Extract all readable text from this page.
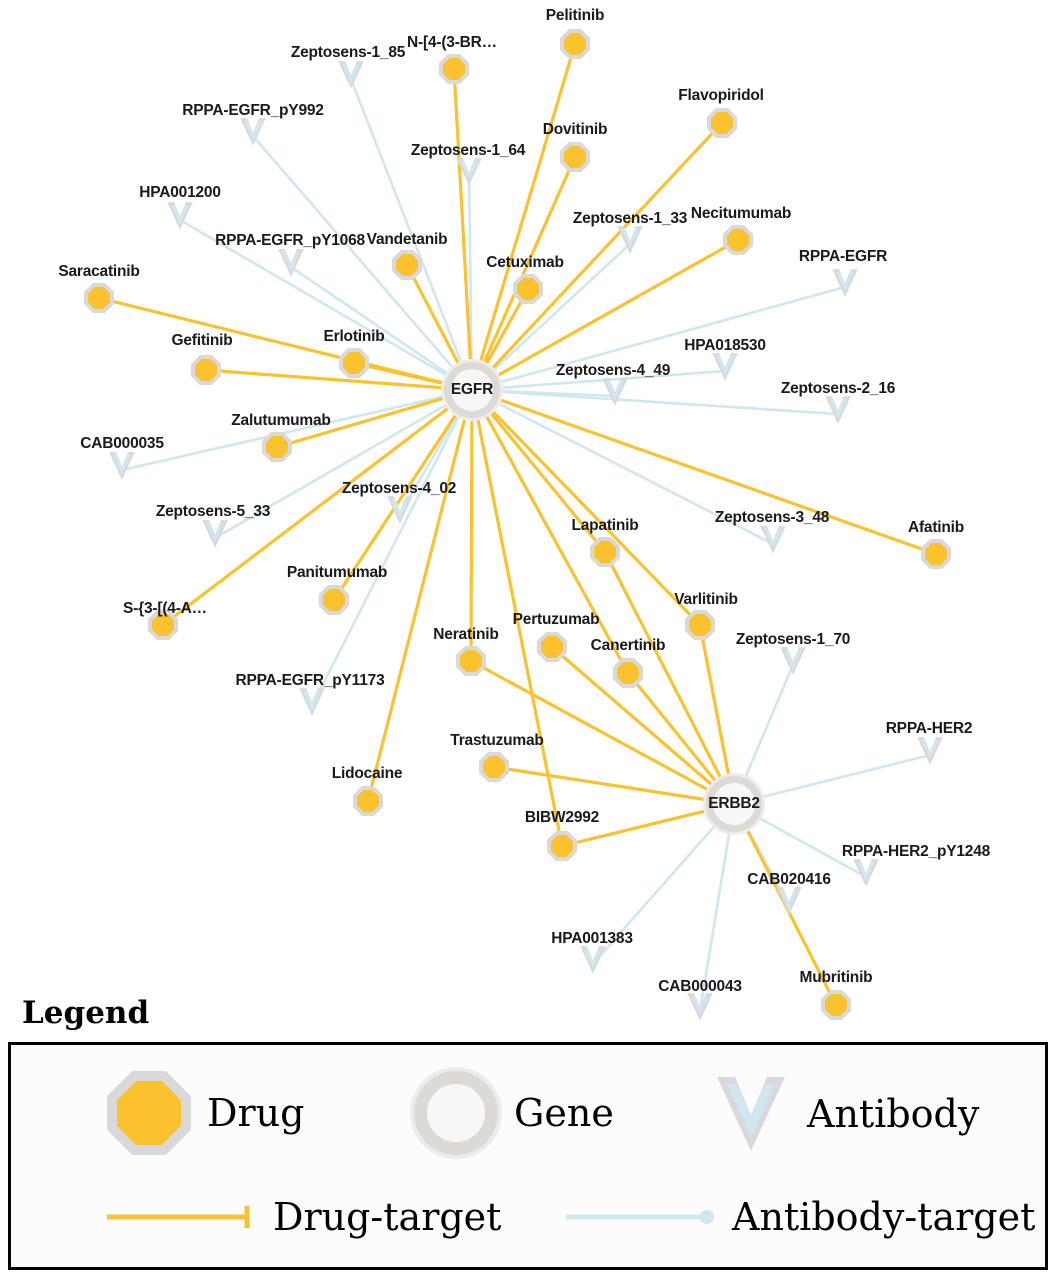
Zeptosens-1_85
RPPA-EGFR_pY992
Zeptosens-1_64
HPA001200
Zeptosens-1_33
RPPA-EGFR_pY1068
RPPA-EGFR
HPA018530
Zeptosens-4_49
Zeptosens-2_16
CAB000035
Zeptosens-4_02
Zeptosens-5_33	Zeptosens-3_48
Zeptosens-1_70
RPPA-EGFR_pY1173
RPPA-HER2
RPPA-HER2_pY1248
CAB020416
HPA001383
CAB000043
Pelitinib
N-[4-(3-BR…
Flavopiridol
Dovitinib
Necitumumab
Vandetanib
Cetuximab
Saracatinib
Gefitinib	Erlotinib
Zalutumumab
Afatinib
Lapatinib
Varlitinib
Panitumumab
S-{3-[(4-A…
Pertuzumab
Neratinib
Canertinib
Trastuzumab
Lidocaine
BIBW2992
Mubritinib
EGFR
ERBB2
Legend
Drug	Gene	Antibody
Drug-target	Antibody-target
